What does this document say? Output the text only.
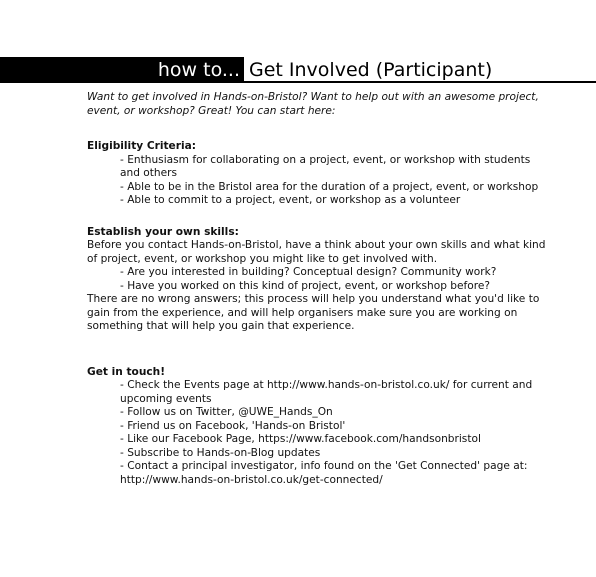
how to... Get Involved (Participant)

Want to get involved in Hands-on-Bristol? Want to help out with an awesome project, event, or workshop? Great! You can start here:

Eligibility Criteria:

- Enthusiasm for collaborating on a project, event, or workshop with students and others
- Able to be in the Bristol area for the duration of a project, event, or workshop
- Able to commit to a project, event, or workshop as a volunteer

Establish your own skills:

Before you contact Hands-on-Bristol, have a think about your own skills and what kind of project, event, or workshop you might like to get involved with.

- Are you interested in building? Conceptual design? Community work?
- Have you worked on this kind of project, event, or workshop before?

There are no wrong answers; this process will help you understand what you'd like to gain from the experience, and will help organisers make sure you are working on something that will help you gain that experience.

Get in touch!

- Check the Events page at http://www.hands-on-bristol.co.uk/ for current and upcoming events
- Follow us on Twitter, @UWE_Hands_On
- Friend us on Facebook, 'Hands-on Bristol'
- Like our Facebook Page, https://www.facebook.com/handsonbristol
- Subscribe to Hands-on-Blog updates
- Contact a principal investigator, info found on the 'Get Connected' page at: http://www.hands-on-bristol.co.uk/get-connected/
